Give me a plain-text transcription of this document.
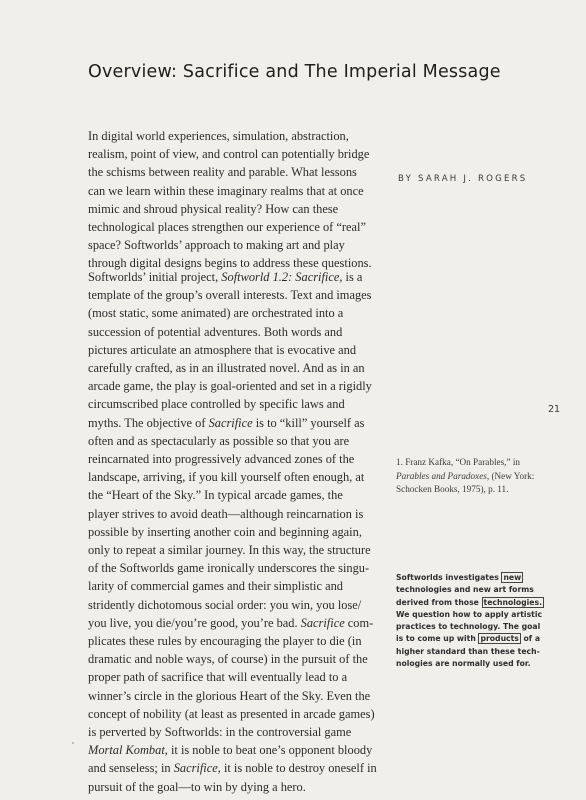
Overview: Sacrifice and The Imperial Message
In digital world experiences, simulation, abstraction,
realism, point of view, and control can potentially bridge
the schisms between reality and parable. What lessons
can we learn within these imaginary realms that at once
mimic and shroud physical reality? How can these
technological places strengthen our experience of “real”
space? Softworlds’ approach to making art and play
through digital designs begins to address these questions.
Softworlds’ initial project, Softworld 1.2: Sacrifice, is a
template of the group’s overall interests. Text and images
(most static, some animated) are orchestrated into a
succession of potential adventures. Both words and
pictures articulate an atmosphere that is evocative and
carefully crafted, as in an illustrated novel. And as in an
arcade game, the play is goal-oriented and set in a rigidly
circumscribed place controlled by specific laws and
myths. The objective of Sacrifice is to “kill” yourself as
often and as spectacularly as possible so that you are
reincarnated into progressively advanced zones of the
landscape, arriving, if you kill yourself often enough, at
the “Heart of the Sky.” In typical arcade games, the
player strives to avoid death—although reincarnation is
possible by inserting another coin and beginning again,
only to repeat a similar journey. In this way, the structure
of the Softworlds game ironically underscores the singu-
larity of commercial games and their simplistic and
stridently dichotomous social order: you win, you lose/
you live, you die/you’re good, you’re bad. Sacrifice com-
plicates these rules by encouraging the player to die (in
dramatic and noble ways, of course) in the pursuit of the
proper path of sacrifice that will eventually lead to a
winner’s circle in the glorious Heart of the Sky. Even the
concept of nobility (at least as presented in arcade games)
is perverted by Softworlds: in the controversial game
Mortal Kombat, it is noble to beat one’s opponent bloody
and senseless; in Sacrifice, it is noble to destroy oneself in
pursuit of the goal—to win by dying a hero.
BY SARAH J. ROGERS
21
1. Franz Kafka, “On Parables,” in
Parables and Paradoxes, (New York:
Schocken Books, 1975), p. 11.
Softworlds investigates new
technologies and new art forms
derived from those technologies.
We question how to apply artistic
practices to technology. The goal
is to come up with products of a
higher standard than these tech-
nologies are normally used for.
